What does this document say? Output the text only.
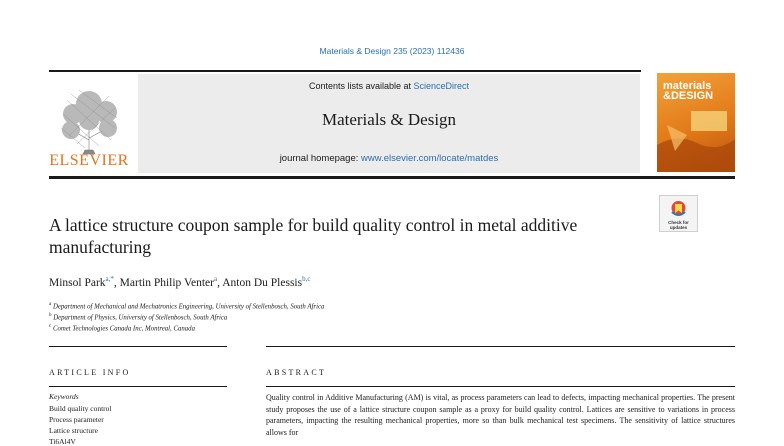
Materials & Design 235 (2023) 112436
ELSEVIER
Contents lists available at ScienceDirect
Materials & Design
journal homepage: www.elsevier.com/locate/matdes
materials
&DESIGN
Check for updates
A lattice structure coupon sample for build quality control in metal additive manufacturing
Minsol Park$^{a,*}$, Martin Philip Venter$^a$, Anton Du Plessis$^{b,c}$
$^a$ Department of Mechanical and Mechatronics Engineering, University of Stellenbosch, South Africa
$^b$ Department of Physics, University of Stellenbosch, South Africa
$^c$ Comet Technologies Canada Inc, Montreal, Canada
ARTICLE INFO	ABSTRACT
Keywords
Build quality control
Process parameter
Lattice structure
Ti6Al4V
Quality control in Additive Manufacturing (AM) is vital, as process parameters can lead to defects, impacting mechanical properties. The present study proposes the use of a lattice structure coupon sample as a proxy for build quality control. Lattices are sensitive to variations in process parameters, impacting the resulting mechanical properties, more so than bulk mechanical test specimens. The sensitivity of lattice structures allows for
